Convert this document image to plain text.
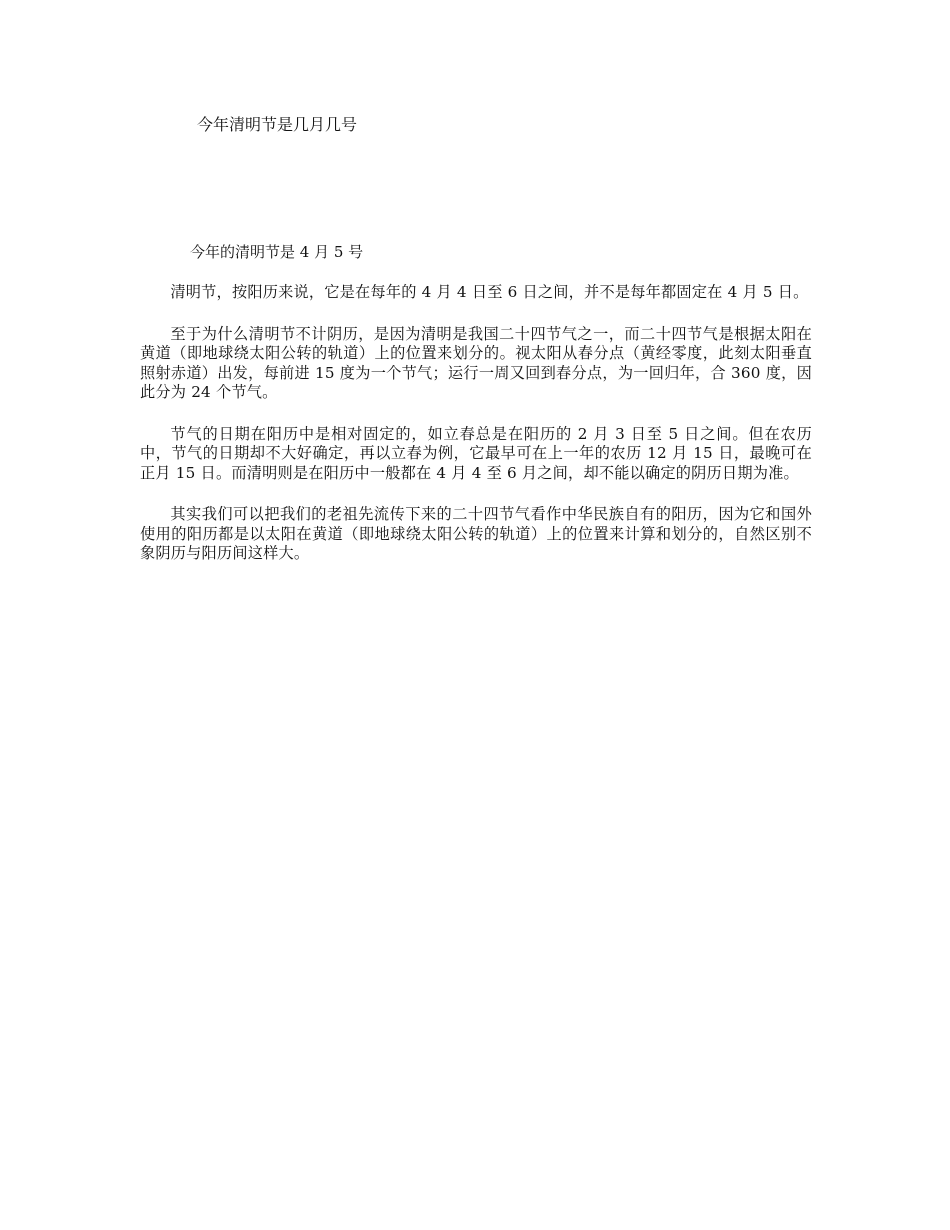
今年清明节是几月几号

今年的清明节是 4 月 5 号

清明节，按阳历来说，它是在每年的 4 月 4 日至 6 日之间，并不是每年都固定在 4 月 5 日。

至于为什么清明节不计阴历，是因为清明是我国二十四节气之一，而二十四节气是根据太阳在黄道（即地球绕太阳公转的轨道）上的位置来划分的。视太阳从春分点（黄经零度，此刻太阳垂直照射赤道）出发，每前进 15 度为一个节气；运行一周又回到春分点，为一回归年，合 360 度，因此分为 24 个节气。

节气的日期在阳历中是相对固定的，如立春总是在阳历的 2 月 3 日至 5 日之间。但在农历中，节气的日期却不大好确定，再以立春为例，它最早可在上一年的农历 12 月 15 日，最晚可在正月 15 日。而清明则是在阳历中一般都在 4 月 4 至 6 月之间，却不能以确定的阴历日期为准。

其实我们可以把我们的老祖先流传下来的二十四节气看作中华民族自有的阳历，因为它和国外使用的阳历都是以太阳在黄道（即地球绕太阳公转的轨道）上的位置来计算和划分的，自然区别不象阴历与阳历间这样大。
